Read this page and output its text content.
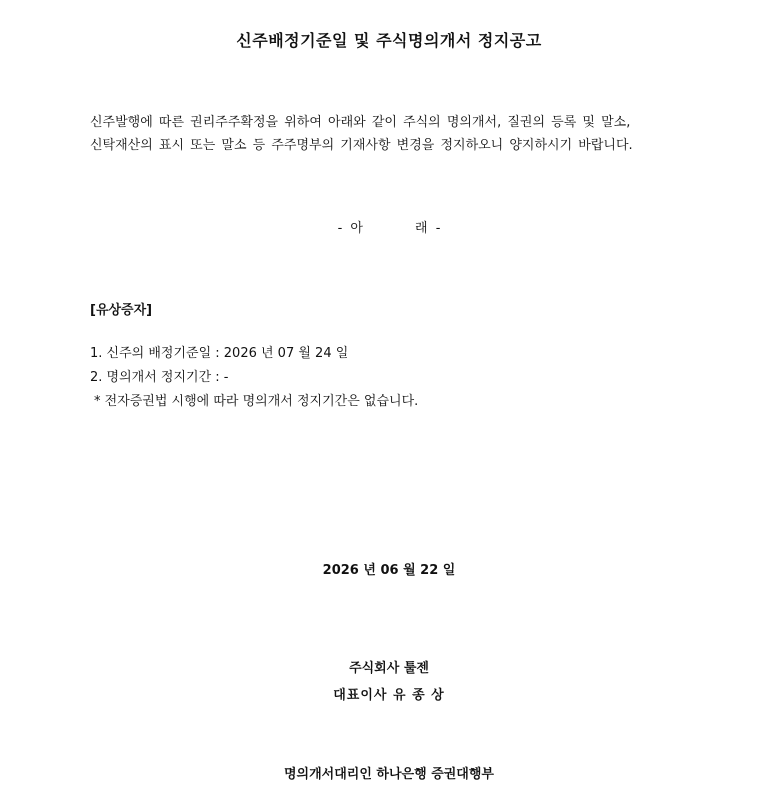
신주배정기준일 및 주식명의개서 정지공고
신주발행에 따른 권리주주확정을 위하여 아래와 같이 주식의 명의개서, 질권의 등록 및 말소,
신탁재산의 표시 또는 말소 등 주주명부의 기재사항 변경을 정지하오니 양지하시기 바랍니다.
- 아	래 -
[유상증자]
1. 신주의 배정기준일 : 2026 년 07 월 24 일
2. 명의개서 정지기간 : -
* 전자증권법 시행에 따라 명의개서 정지기간은 없습니다.
2026 년 06 월 22 일
주식회사 툴젠
대표이사 유 종 상
명의개서대리인 하나은행 증권대행부
